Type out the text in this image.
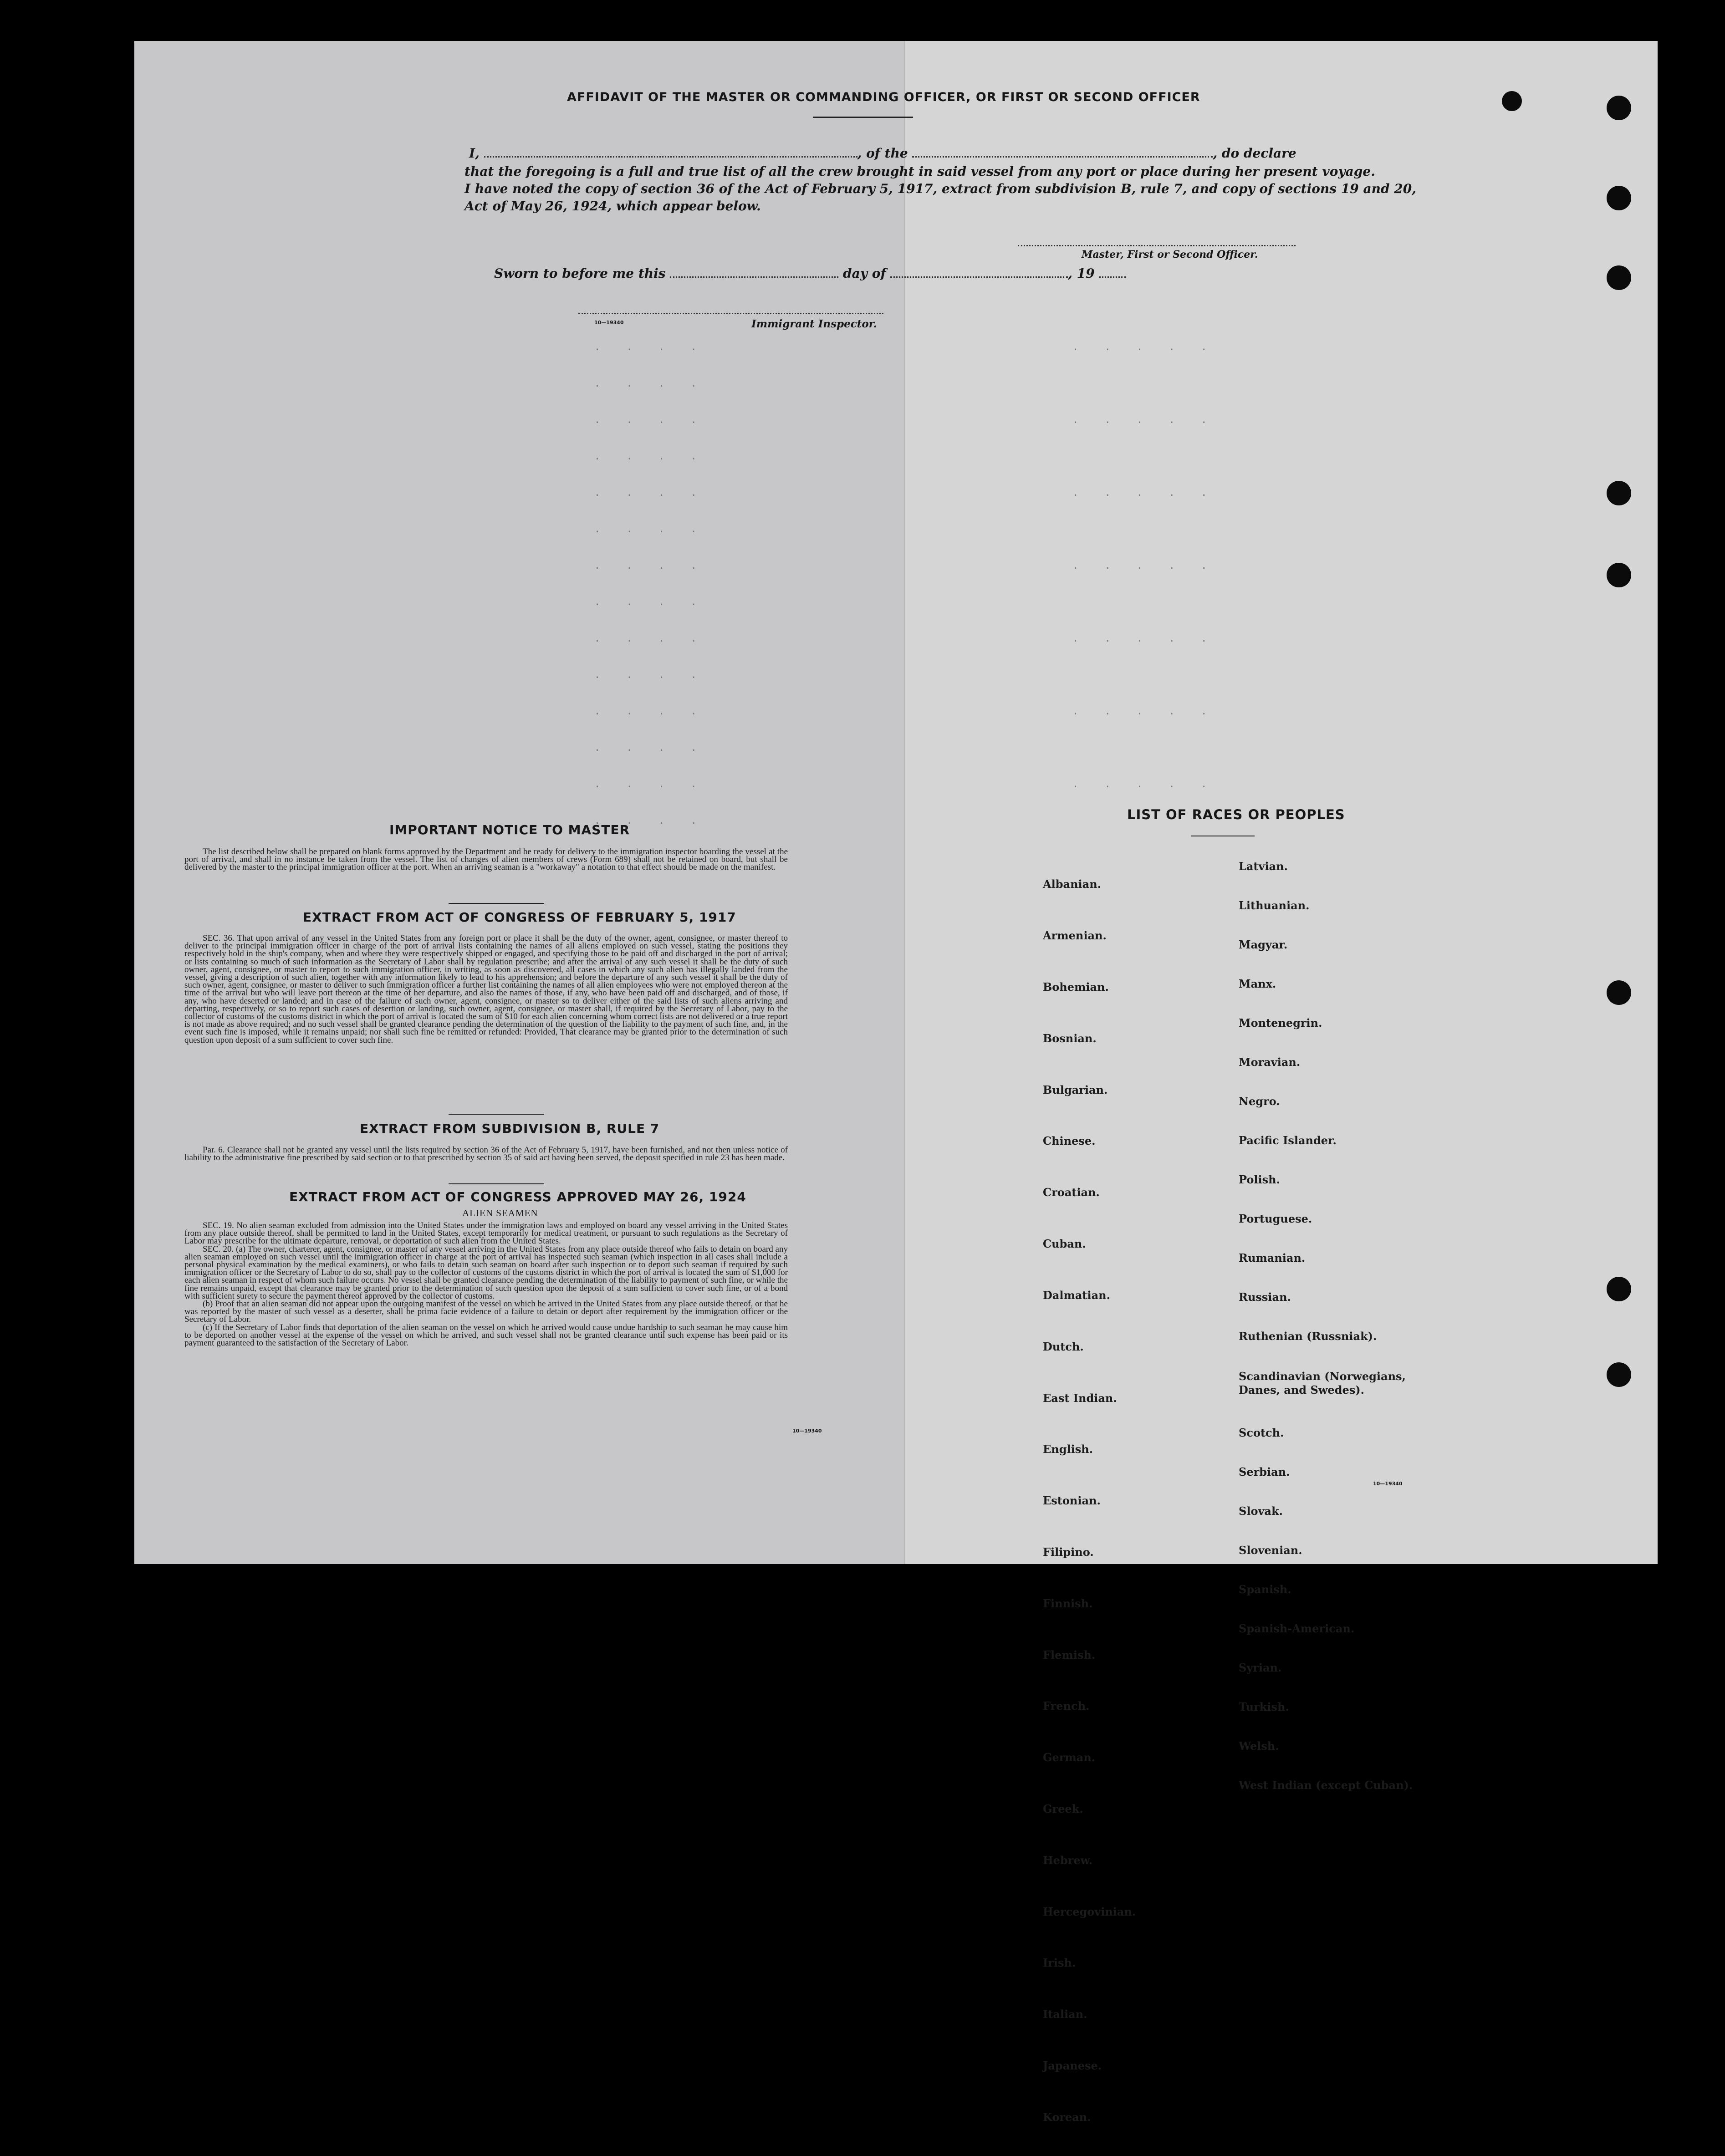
AFFIDAVIT OF THE MASTER OR COMMANDING OFFICER, OR FIRST OR SECOND OFFICER
I,	, of the	, do declare
that the foregoing is a full and true list of all the crew brought in said vessel from any port or place during her present voyage.
I have noted the copy of section 36 of the Act of February 5, 1917, extract from subdivision B, rule 7, and copy of sections 19 and 20,
Act of May 26, 1924, which appear below.
Master, First or Second Officer.
Sworn to before me this	day of	, 19
10—19340	Immigrant Inspector.
. . . .
. . . .
. . . .
. . . .
. . . .
. . . .
. . . .
. . . .
. . . .
. . . .
. . . .
. . . .
. . . .
. . . .
. . . . .
. . . . .
. . . . .
. . . . .
. . . . .
. . . . .
. . . . .
IMPORTANT NOTICE TO MASTER

The list described below shall be prepared on blank forms approved by the Department and be ready for delivery to the immigration inspector boarding the vessel at the port of arrival, and shall in no instance be taken from the vessel. The list of changes of alien members of crews (Form 689) shall not be retained on board, but shall be delivered by the master to the principal immigration officer at the port. When an arriving seaman is a "workaway" a notation to that effect should be made on the manifest.

EXTRACT FROM ACT OF CONGRESS OF FEBRUARY 5, 1917

SEC. 36. That upon arrival of any vessel in the United States from any foreign port or place it shall be the duty of the owner, agent, consignee, or master thereof to deliver to the principal immigration officer in charge of the port of arrival lists containing the names of all aliens employed on such vessel, stating the positions they respectively hold in the ship's company, when and where they were respectively shipped or engaged, and specifying those to be paid off and discharged in the port of arrival; or lists containing so much of such information as the Secretary of Labor shall by regulation prescribe; and after the arrival of any such vessel it shall be the duty of such owner, agent, consignee, or master to report to such immigration officer, in writing, as soon as discovered, all cases in which any such alien has illegally landed from the vessel, giving a description of such alien, together with any information likely to lead to his apprehension; and before the departure of any such vessel it shall be the duty of such owner, agent, consignee, or master to deliver to such immigration officer a further list containing the names of all alien employees who were not employed thereon at the time of the arrival but who will leave port thereon at the time of her departure, and also the names of those, if any, who have been paid off and discharged, and of those, if any, who have deserted or landed; and in case of the failure of such owner, agent, consignee, or master so to deliver either of the said lists of such aliens arriving and departing, respectively, or so to report such cases of desertion or landing, such owner, agent, consignee, or master shall, if required by the Secretary of Labor, pay to the collector of customs of the customs district in which the port of arrival is located the sum of $10 for each alien concerning whom correct lists are not delivered or a true report is not made as above required; and no such vessel shall be granted clearance pending the determination of the question of the liability to the payment of such fine, and, in the event such fine is imposed, while it remains unpaid; nor shall such fine be remitted or refunded: Provided, That clearance may be granted prior to the determination of such question upon deposit of a sum sufficient to cover such fine.

EXTRACT FROM SUBDIVISION B, RULE 7

Par. 6. Clearance shall not be granted any vessel until the lists required by section 36 of the Act of February 5, 1917, have been furnished, and not then unless notice of liability to the administrative fine prescribed by said section or to that prescribed by section 35 of said act having been served, the deposit specified in rule 23 has been made.

EXTRACT FROM ACT OF CONGRESS APPROVED MAY 26, 1924
ALIEN SEAMEN

SEC. 19. No alien seaman excluded from admission into the United States under the immigration laws and employed on board any vessel arriving in the United States from any place outside thereof, shall be permitted to land in the United States, except temporarily for medical treatment, or pursuant to such regulations as the Secretary of Labor may prescribe for the ultimate departure, removal, or deportation of such alien from the United States.

SEC. 20. (a) The owner, charterer, agent, consignee, or master of any vessel arriving in the United States from any place outside thereof who fails to detain on board any alien seaman employed on such vessel until the immigration officer in charge at the port of arrival has inspected such seaman (which inspection in all cases shall include a personal physical examination by the medical examiners), or who fails to detain such seaman on board after such inspection or to deport such seaman if required by such immigration officer or the Secretary of Labor to do so, shall pay to the collector of customs of the customs district in which the port of arrival is located the sum of $1,000 for each alien seaman in respect of whom such failure occurs. No vessel shall be granted clearance pending the determination of the liability to payment of such fine, or while the fine remains unpaid, except that clearance may be granted prior to the determination of such question upon the deposit of a sum sufficient to cover such fine, or of a bond with sufficient surety to secure the payment thereof approved by the collector of customs.

(b) Proof that an alien seaman did not appear upon the outgoing manifest of the vessel on which he arrived in the United States from any place outside thereof, or that he was reported by the master of such vessel as a deserter, shall be prima facie evidence of a failure to detain or deport after requirement by the immigration officer or the Secretary of Labor.

(c) If the Secretary of Labor finds that deportation of the alien seaman on the vessel on which he arrived would cause undue hardship to such seaman he may cause him to be deported on another vessel at the expense of the vessel on which he arrived, and such vessel shall not be granted clearance until such expense has been paid or its payment guaranteed to the satisfaction of the Secretary of Labor.

10—19340
LIST OF RACES OR PEOPLES

Albanian.

Armenian.

Bohemian.

Bosnian.

Bulgarian.

Chinese.

Croatian.

Cuban.

Dalmatian.

Dutch.

East Indian.

English.

Estonian.

Filipino.

Finnish.

Flemish.

French.

German.

Greek.

Hebrew.

Hercegovinian.

Irish.

Italian.

Japanese.

Korean.

Latvian.

Lithuanian.

Magyar.

Manx.

Montenegrin.

Moravian.

Negro.

Pacific Islander.

Polish.

Portuguese.

Rumanian.

Russian.

Ruthenian (Russniak).

Scandinavian (Norwegians,
Danes, and Swedes).

Scotch.

Serbian.

Slovak.

Slovenian.

Spanish.

Spanish-American.

Syrian.

Turkish.

Welsh.

West Indian (except Cuban).

10—19340
